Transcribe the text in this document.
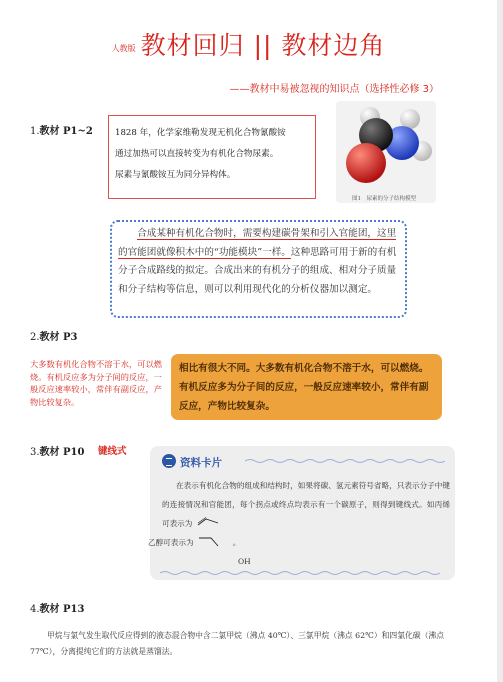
人教版 教材回归 || 教材边角
——教材中易被忽视的知识点（选择性必修 3）
1.教材 P1~2	1828 年，化学家维勒发现无机化合物氰酸铵
通过加热可以直接转变为有机化合物尿素。
尿素与氰酸铵互为同分异构体。
图1　尿素的分子结构模型
  合成某种有机化合物时，需要构建碳骨架和引入官能团，这里的官能团就像积木中的“功能模块”一样。这种思路可用于新的有机分子合成路线的拟定。合成出来的有机分子的组成、相对分子质量和分子结构等信息，则可以利用现代化的分析仪器加以测定。
2.教材 P3
大多数有机化合物不溶于水，可以燃烧。有机反应多为分子间的反应，一般反应速率较小，常伴有副反应，产物比较复杂。
相比有很大不同。大多数有机化合物不溶于水，可以燃烧。有机反应多为分子间的反应，一般反应速率较小，常伴有副反应，产物比较复杂。
3.教材 P10 键线式
资料卡片
在表示有机化合物的组成和结构时，如果将碳、氢元素符号省略，只表示分子中键的连接情况和官能团，每个拐点或终点均表示有一个碳原子，则得到键线式。如丙烯可表示为
乙醇可表示为	。
OH
4.教材 P13
甲烷与氯气发生取代反应得到的液态混合物中含二氯甲烷（沸点 40℃）、三氯甲烷（沸点 62℃）和四氯化碳（沸点 77℃），分离提纯它们的方法就是蒸馏法。
